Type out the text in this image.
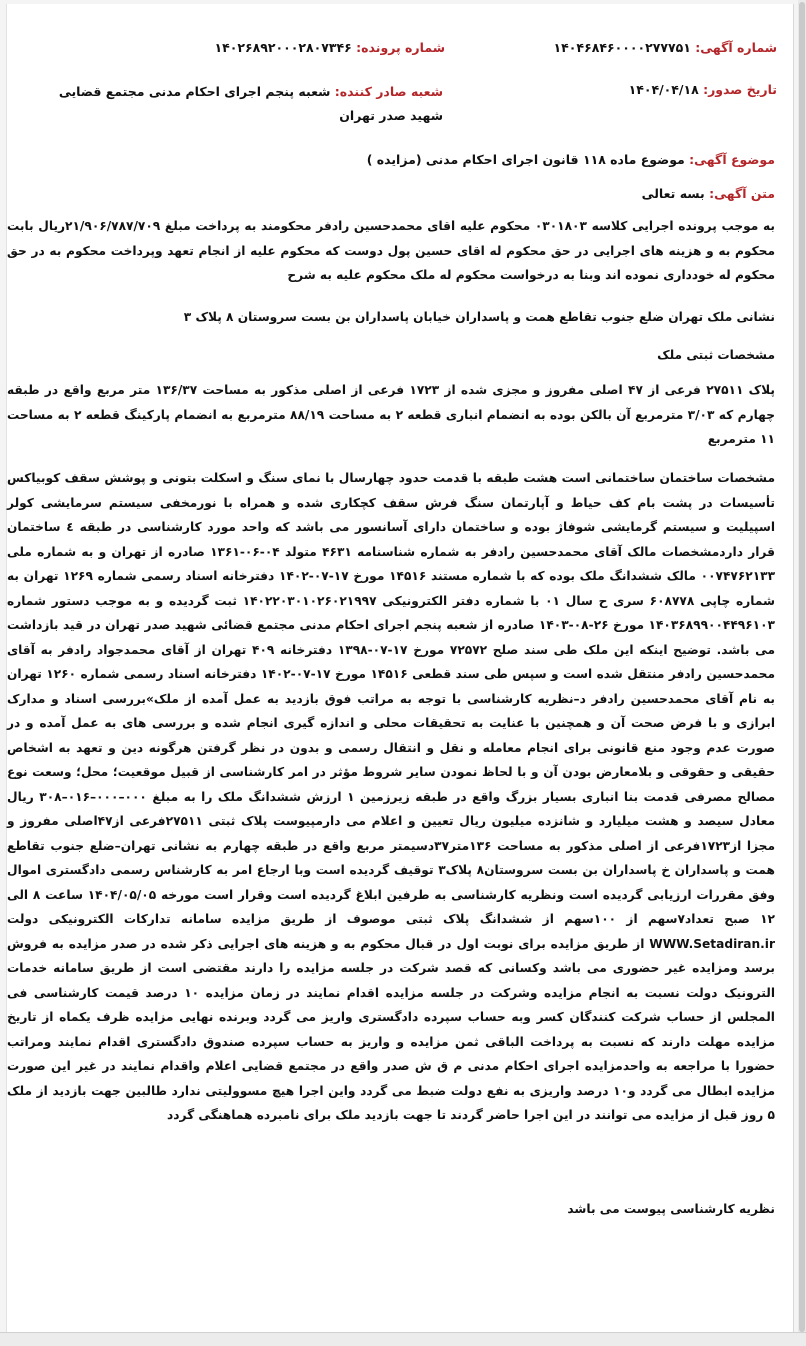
شماره آگهی: ۱۴۰۴۶۸۴۶۰۰۰۰۲۷۷۷۵۱
شماره پرونده: ۱۴۰۲۶۸۹۲۰۰۰۲۸۰۷۳۴۶
تاریخ صدور: ۱۴۰۴/۰۴/۱۸
شعبه صادر کننده: شعبه پنجم اجرای احکام مدنی مجتمع قضایی شهید صدر تهران
موضوع آگهی: موضوع ماده ۱۱۸ قانون اجرای احکام مدنی (مزایده )
متن آگهی: بسه تعالی
به موجب پرونده اجرایی کلاسه ۰۳۰۱۸۰۳ محکوم علیه اقای محمدحسین رادفر محکومند به پرداخت مبلغ ۲۱/۹۰۶/۷۸۷/۷۰۹ریال بابت محکوم به و هزینه های اجرایی در حق محکوم له اقای حسین پول دوست که محکوم علیه از انجام تعهد وپرداخت محکوم به در حق محکوم له خودداری نموده اند وبنا به درخواست محکوم له ملک محکوم علیه به شرح
نشانی ملک تهران ضلع جنوب تقاطع همت و پاسداران خیابان پاسداران بن بست سروستان ۸ پلاک ۳
مشخصات ثبتی ملک
پلاک ۲۷۵۱۱ فرعی از ۴۷ اصلی مفروز و مجزی شده از ۱۷۲۳ فرعی از اصلی مذکور به مساحت ۱۳۶/۳۷ متر مربع واقع در طبقه چهارم که ۳/۰۳ مترمربع آن بالکن بوده به انضمام انباری قطعه ۲ به مساحت ۸۸/۱۹ مترمربع به انضمام پارکینگ قطعه ۲ به مساحت ۱۱ مترمربع
مشخصات ساختمان ساختمانی است هشت طبقه با قدمت حدود چهارسال با نمای سنگ و اسکلت بتونی و پوشش سقف کوبیاکس تأسیسات در پشت بام کف حیاط و آپارتمان سنگ فرش سقف کچکاری شده و همراه با نورمخفی سیستم سرمایشی کولر اسپیلیت و سیستم گرمایشی شوفاژ بوده و ساختمان دارای آسانسور می باشد که واحد مورد کارشناسی در طبقه ٤ ساختمان قرار داردمشخصات مالک آقای محمدحسین رادفر به شماره شناسنامه ۴۶۳۱ متولد ۰۴-۰۶-۱۳۶۱ صادره از تهران و به شماره ملی ۰۰۷۴۷۶۲۱۳۳ مالک ششدانگ ملک بوده که با شماره مستند ۱۴۵۱۶ مورخ ۱۷-۰۷-۱۴۰۲ دفترخانه اسناد رسمی شماره ۱۲۶۹ تهران به شماره چاپی ۶۰۸۷۷۸ سری ح سال ۰۱ با شماره دفتر الکترونیکی ۱۴۰۲۲۰۳۰۱۰۲۶۰۲۱۹۹۷ ثبت گردیده و به موجب دستور شماره ۱۴۰۳۶۸۹۹۰۰۴۴۹۶۱۰۳ مورخ ۲۶-۰۸-۱۴۰۳ صادره از شعبه پنجم اجرای احکام مدنی مجتمع قضائی شهید صدر تهران در قید بازداشت می باشد. توضیح اینکه این ملک طی سند صلح ۷۲۵۷۲ مورخ ۱۷-۰۷-۱۳۹۸ دفترخانه ۴۰۹ تهران از آقای محمدجواد رادفر به آقای محمدحسین رادفر منتقل شده است و سپس طی سند قطعی ۱۴۵۱۶ مورخ ۱۷-۰۷-۱۴۰۲ دفترخانه اسناد رسمی شماره ۱۲۶۰ تهران به نام آقای محمدحسین رادفر د–نظریه کارشناسی با توجه به مراتب فوق بازدید به عمل آمده از ملک»بررسی اسناد و مدارک ابرازی و با فرض صحت آن و همچنین با عنایت به تحقیقات محلی و اندازه گیری انجام شده و بررسی های به عمل آمده و در صورت عدم وجود منع قانونی برای انجام معامله و نقل و انتقال رسمی و بدون در نظر گرفتن هرگونه دین و تعهد به اشخاص حقیقی و حقوقی و بلامعارض بودن آن و با لحاظ نمودن سایر شروط مؤثر در امر کارشناسی از قبیل موقعیت؛ محل؛ وسعت نوع مصالح مصرفی قدمت بنا انباری بسیار بزرگ واقع در طبقه زیرزمین ۱ ارزش ششدانگ ملک را به مبلغ ۰۰۰–۰۰۰–۰۱۶–۳۰۸ ریال معادل سیصد و هشت میلیارد و شانزده میلیون ریال تعیین و اعلام می دارمپیوست پلاک ثبتی ۲۷۵۱۱فرعی از۴۷اصلی مفروز و مجزا از۱۷۲۳فرعی از اصلی مذکور به مساحت ۱۳۶متر۳۷دسیمتر مربع واقع در طبقه چهارم به نشانی تهران–ضلع جنوب تقاطع همت و پاسداران خ پاسداران بن بست سروستان۸ پلاک۳ توقیف گردیده است وبا ارجاع امر به کارشناس رسمی دادگستری اموال وفق مقررات ارزیابی گردیده است ونظریه کارشناسی به طرفین ابلاغ گردیده است وقرار است مورخه ۱۴۰۴/۰۵/۰۵ ساعت ۸ الی ۱۲ صبح تعداد۷سهم از ۱۰۰سهم از ششدانگ پلاک ثبتی موصوف از طریق مزایده سامانه تدارکات الکترونیکی دولت WWW.Setadiran.ir از طریق مزایده برای نوبت اول در قبال محکوم به و هزینه های اجرایی ذکر شده در صدر مزایده به فروش برسد ومزایده غیر حضوری می باشد وکسانی که قصد شرکت در جلسه مزایده را دارند مقتضی است از طریق سامانه خدمات الترونیک دولت نسبت به انجام مزایده وشرکت در جلسه مزایده اقدام نمایند در زمان مزایده ۱۰ درصد قیمت کارشناسی فی المجلس از حساب شرکت کنندگان کسر وبه حساب سپرده دادگستری واریز می گردد وبرنده نهایی مزایده ظرف یکماه از تاریخ مزایده مهلت دارند که نسبت به پرداخت الباقی ثمن مزایده و واریز به حساب سپرده صندوق دادگستری اقدام نمایند ومراتب حضورا با مراجعه به واحدمزایده اجرای احکام مدنی م ق ش صدر واقع در مجتمع قضایی اعلام واقدام نمایند در غیر این صورت مزایده ابطال می گردد و۱۰ درصد واریزی به نفع دولت ضبط می گردد واین اجرا هیچ مسوولیتی ندارد طالبین جهت بازدید از ملک ۵ روز قبل از مزایده می توانند در این اجرا حاضر گردند تا جهت بازدید ملک برای نامبرده هماهنگی گردد
نظریه کارشناسی پیوست می باشد
